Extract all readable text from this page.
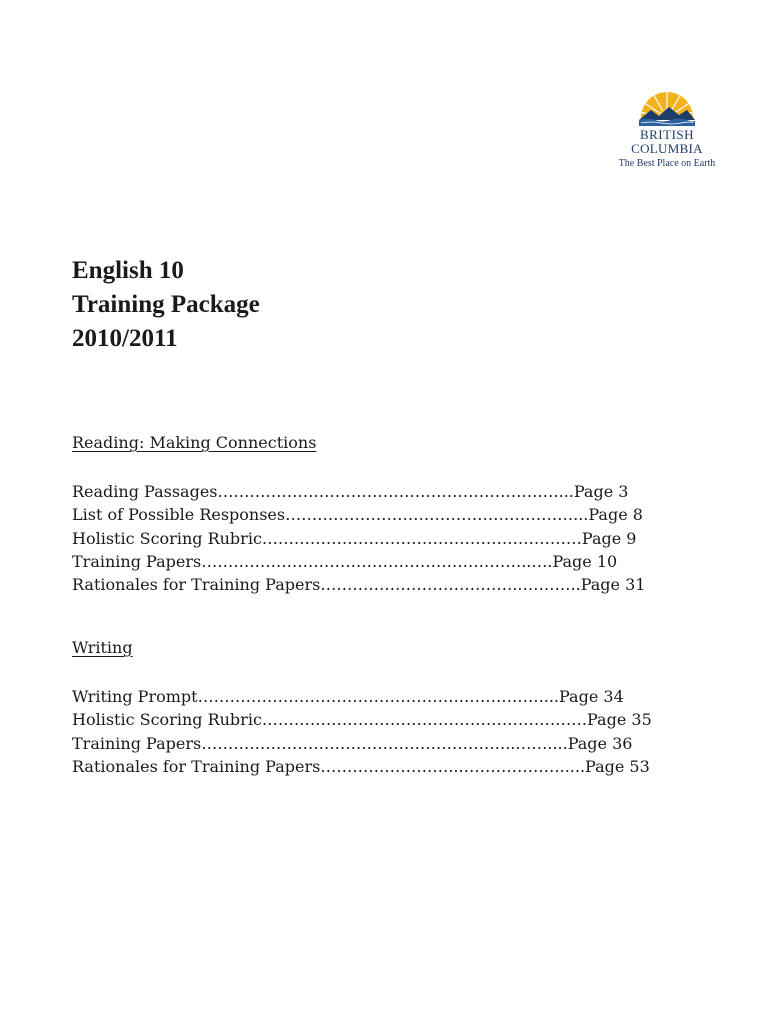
BRITISH
COLUMBIA
The Best Place on Earth
English 10
Training Package
2010/2011
Reading: Making Connections
Reading Passages…………………………………………………….…...Page 3
List of Possible Responses………………………………………………...Page 8
Holistic Scoring Rubric……………………………………………………Page 9
Training Papers……………………………………………………..….Page 10
Rationales for Training Papers………………………………..………..Page 31
Writing
Writing Prompt………………………………………….……………....Page 34
Holistic Scoring Rubric…………………………………………………….Page 35
Training Papers…………………………………………………..……....Page 36
Rationales for Training Papers……………………...……………….....Page 53
